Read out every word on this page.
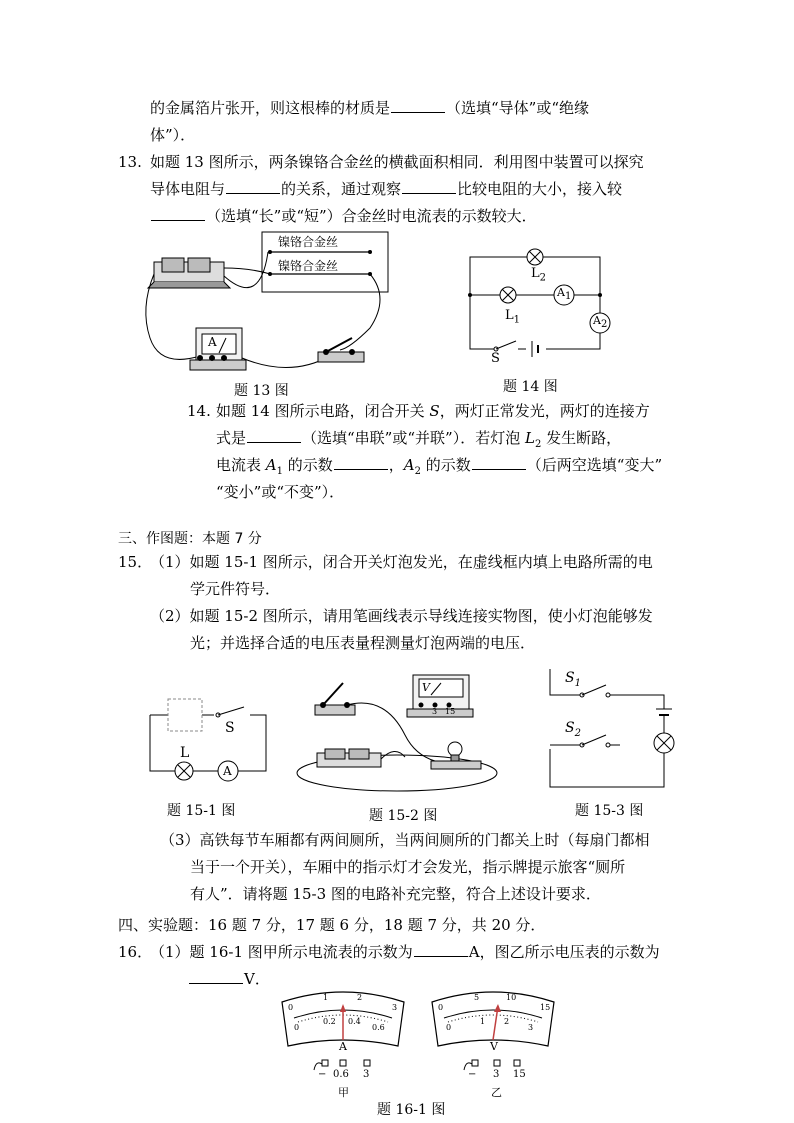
的金属箔片张开，则这根棒的材质是	（选填“导体”或“绝缘
体”）．
13. 如题 13 图所示，两条镍铬合金丝的横截面积相同．利用图中装置可以探究
导体电阻与	的关系，通过观察	比较电阻的大小，接入较
（选填“长”或“短”）合金丝时电流表的示数较大．
镍铬合金丝
镍铬合金丝
A
题 13 图
$L_2$
$L_1$
A1
A2
S
题 14 图
14. 如题 14 图所示电路，闭合开关 S，两灯正常发光，两灯的连接方
式是	（选填“串联”或“并联”）．若灯泡 $L_2$ 发生断路，
电流表 $A_1$ 的示数	，$A_2$ 的示数	（后两空选填“变大”
“变小”或“不变”）．
三、作图题：本题 7 分
15．
（1）如题 15-1 图所示，闭合开关灯泡发光，在虚线框内填上电路所需的电
学元件符号．
（2）如题 15-2 图所示，请用笔画线表示导线连接实物图，使小灯泡能够发
光；并选择合适的电压表量程测量灯泡两端的电压．
L
S
A
题 15-1 图
V
3 15
题 15-2 图
$S_1$
$S_2$
题 15-3 图
（3）高铁每节车厢都有两间厕所，当两间厕所的门都关上时（每扇门都相
当于一个开关），车厢中的指示灯才会发光，指示牌提示旅客“厕所
有人”．请将题 15-3 图的电路补充完整，符合上述设计要求．
四、实验题：16 题 7 分，17 题 6 分，18 题 7 分，共 20 分．
16．
（1）题 16-1 图甲所示电流表的示数为	A，图乙所示电压表的示数为
V．
0
1	2
3
0
0.2 0.4
0.6
A
− 0.6 3
甲
0
5	10
15
0
1 2
3
V
− 3 15
乙
题 16-1 图
